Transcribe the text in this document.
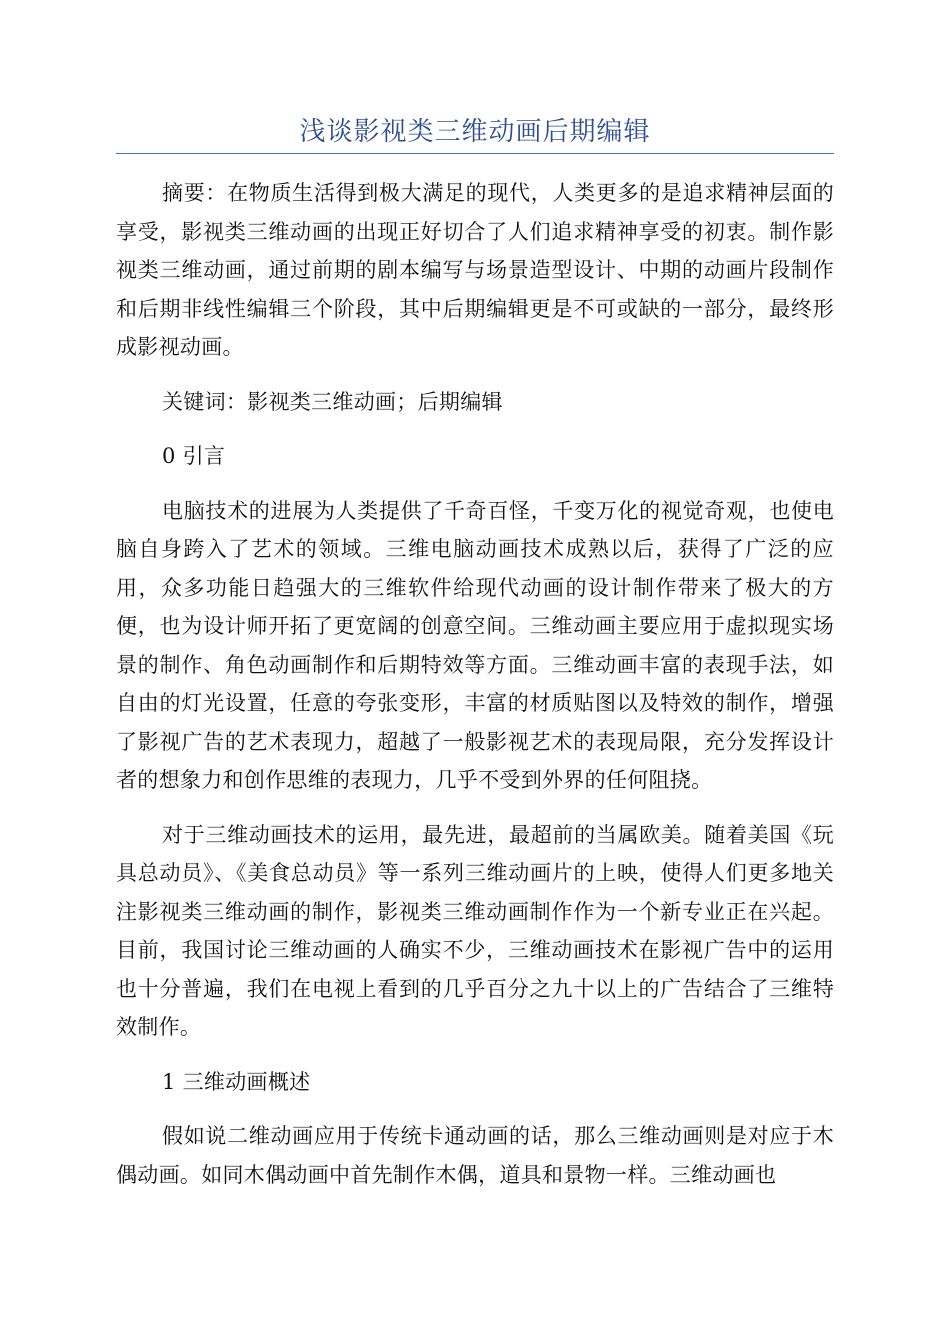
浅谈影视类三维动画后期编辑

摘要：在物质生活得到极大满足的现代，人类更多的是追求精神层面的享受，影视类三维动画的出现正好切合了人们追求精神享受的初衷。制作影视类三维动画，通过前期的剧本编写与场景造型设计、中期的动画片段制作和后期非线性编辑三个阶段，其中后期编辑更是不可或缺的一部分，最终形成影视动画。

关键词：影视类三维动画；后期编辑

0 引言

电脑技术的进展为人类提供了千奇百怪，千变万化的视觉奇观，也使电脑自身跨入了艺术的领域。三维电脑动画技术成熟以后，获得了广泛的应用，众多功能日趋强大的三维软件给现代动画的设计制作带来了极大的方便，也为设计师开拓了更宽阔的创意空间。三维动画主要应用于虚拟现实场景的制作、角色动画制作和后期特效等方面。三维动画丰富的表现手法，如自由的灯光设置，任意的夸张变形，丰富的材质贴图以及特效的制作，增强了影视广告的艺术表现力，超越了一般影视艺术的表现局限，充分发挥设计者的想象力和创作思维的表现力，几乎不受到外界的任何阻挠。

对于三维动画技术的运用，最先进，最超前的当属欧美。随着美国《玩具总动员》、《美食总动员》等一系列三维动画片的上映，使得人们更多地关注影视类三维动画的制作，影视类三维动画制作作为一个新专业正在兴起。目前，我国讨论三维动画的人确实不少，三维动画技术在影视广告中的运用也十分普遍，我们在电视上看到的几乎百分之九十以上的广告结合了三维特效制作。

1 三维动画概述

假如说二维动画应用于传统卡通动画的话，那么三维动画则是对应于木偶动画。如同木偶动画中首先制作木偶，道具和景物一样。三维动画也
